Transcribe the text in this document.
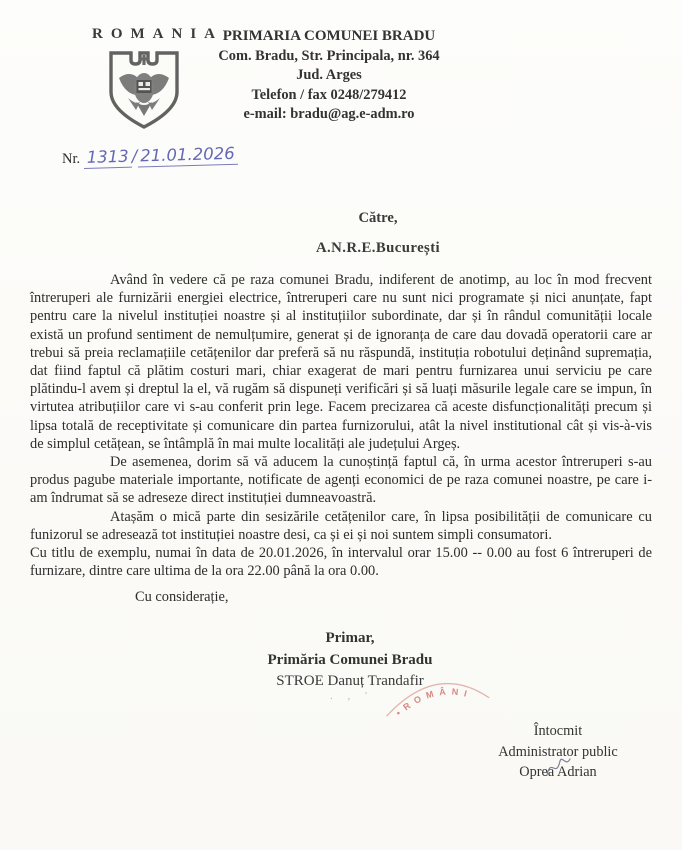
ROMANIA PRIMARIA COMUNEI BRADU
Com. Bradu, Str. Principala, nr. 364
Jud. Arges
Telefon / fax 0248/279412
e-mail: bradu@ag.e-adm.ro
Nr. 1313 / 21.01.2026
Către,
A.N.R.E.București

Având în vedere că pe raza comunei Bradu, indiferent de anotimp, au loc în mod frecvent întreruperi ale furnizării energiei electrice, întreruperi care nu sunt nici programate și nici anunțate, fapt pentru care la nivelul instituției noastre și al instituțiilor subordinate, dar și în rândul comunității locale există un profund sentiment de nemulțumire, generat și de ignoranța de care dau dovadă operatorii care ar trebui să preia reclamațiile cetățenilor dar preferă să nu răspundă, instituția robotului deținând supremația, dat fiind faptul că plătim costuri mari, chiar exagerat de mari pentru furnizarea unui serviciu pe care plătindu-l avem și dreptul la el, vă rugăm să dispuneți verificări și să luați măsurile legale care se impun, în virtutea atribuțiilor care vi s-au conferit prin lege. Facem precizarea că aceste disfuncționalități precum și lipsa totală de receptivitate și comunicare din partea furnizorului, atât la nivel institutional cât și vis-à-vis de simplul cetățean, se întâmplă în mai multe localități ale județului Argeș.

De asemenea, dorim să vă aducem la cunoștință faptul că, în urma acestor întreruperi s-au produs pagube materiale importante, notificate de agenți economici de pe raza comunei noastre, pe care i-am îndrumat să se adreseze direct instituției dumneavoastră.

Atașăm o mică parte din sesizările cetățenilor care, în lipsa posibilității de comunicare cu funizorul se adresează tot instituției noastre desi, ca și ei și noi suntem simpli consumatori.

Cu titlu de exemplu, numai în data de 20.01.2026, în intervalul orar 15.00 -- 0.00 au fost 6 întreruperi de furnizare, dintre care ultima de la ora 22.00 până la ora 0.00.

Cu considerație,
Primar,
Primăria Comunei Bradu
STROE Danuț Trandafir
. , '
• R O M Â N I
Întocmit
Administrator public
Oprea Adrian
